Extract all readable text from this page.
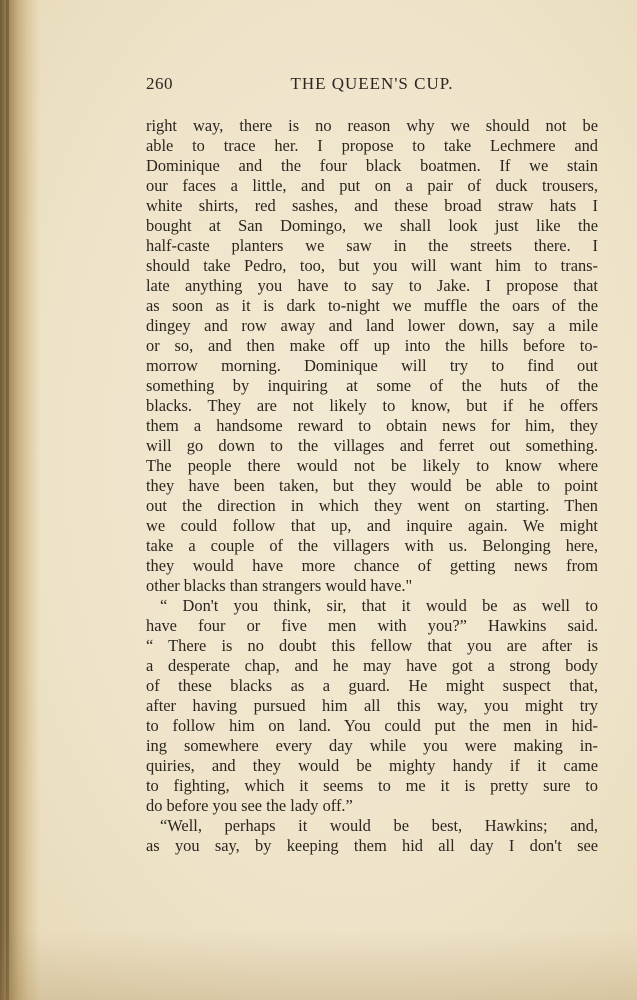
260	THE QUEEN'S CUP.
right way, there is no reason why we should not be
able to trace her. I propose to take Lechmere and
Dominique and the four black boatmen. If we stain
our faces a little, and put on a pair of duck trousers,
white shirts, red sashes, and these broad straw hats I
bought at San Domingo, we shall look just like the
half-caste planters we saw in the streets there. I
should take Pedro, too, but you will want him to trans-
late anything you have to say to Jake. I propose that
as soon as it is dark to-night we muffle the oars of the
dingey and row away and land lower down, say a mile
or so, and then make off up into the hills before to-
morrow morning. Dominique will try to find out
something by inquiring at some of the huts of the
blacks. They are not likely to know, but if he offers
them a handsome reward to obtain news for him, they
will go down to the villages and ferret out something.
The people there would not be likely to know where
they have been taken, but they would be able to point
out the direction in which they went on starting. Then
we could follow that up, and inquire again. We might
take a couple of the villagers with us. Belonging here,
they would have more chance of getting news from
other blacks than strangers would have."
“ Don't you think, sir, that it would be as well to
have four or five men with you?” Hawkins said.
“ There is no doubt this fellow that you are after is
a desperate chap, and he may have got a strong body
of these blacks as a guard. He might suspect that,
after having pursued him all this way, you might try
to follow him on land. You could put the men in hid-
ing somewhere every day while you were making in-
quiries, and they would be mighty handy if it came
to fighting, which it seems to me it is pretty sure to
do before you see the lady off.”
“Well, perhaps it would be best, Hawkins; and,
as you say, by keeping them hid all day I don't see
